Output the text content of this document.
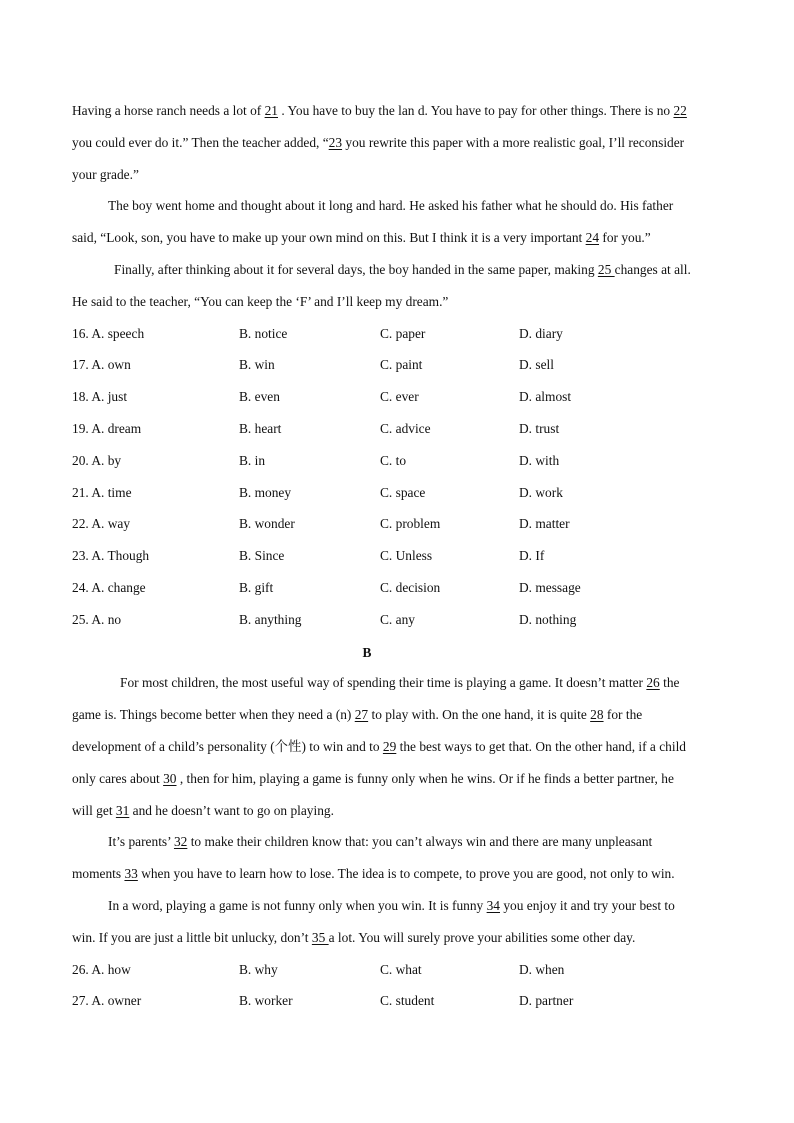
Having a horse ranch needs a lot of 21 . You have to buy the lan d. You have to pay for other things. There is no 22
you could ever do it.” Then the teacher added, “23 you rewrite this paper with a more realistic goal, I’ll reconsider
your grade.”
The boy went home and thought about it long and hard. He asked his father what he should do. His father
said, “Look, son, you have to make up your own mind on this. But I think it is a very important 24 for you.”
Finally, after thinking about it for several days, the boy handed in the same paper, making 25 changes at all.
He said to the teacher, “You can keep the ‘F’ and I’ll keep my dream.”
16. A. speech	B. notice	C. paper	D. diary
17. A. own	B. win	C. paint	D. sell
18. A. just	B. even	C. ever	D. almost
19. A. dream	B. heart	C. advice	D. trust
20. A. by	B. in	C. to	D. with
21. A. time	B. money	C. space	D. work
22. A. way	B. wonder	C. problem	D. matter
23. A. Though	B. Since	C. Unless	D. If
24. A. change	B. gift	C. decision	D. message
25. A. no	B. anything	C. any	D. nothing
B
For most children, the most useful way of spending their time is playing a game. It doesn’t matter 26 the
game is. Things become better when they need a (n) 27 to play with. On the one hand, it is quite 28 for the
development of a child’s personality (个性) to win and to 29 the best ways to get that. On the other hand, if a child
only cares about 30 , then for him, playing a game is funny only when he wins. Or if he finds a better partner, he
will get 31 and he doesn’t want to go on playing.
It’s parents’ 32 to make their children know that: you can’t always win and there are many unpleasant
moments 33 when you have to learn how to lose. The idea is to compete, to prove you are good, not only to win.
In a word, playing a game is not funny only when you win. It is funny 34 you enjoy it and try your best to
win. If you are just a little bit unlucky, don’t 35 a lot. You will surely prove your abilities some other day.
26. A. how	B. why	C. what	D. when
27. A. owner	B. worker	C. student	D. partner
